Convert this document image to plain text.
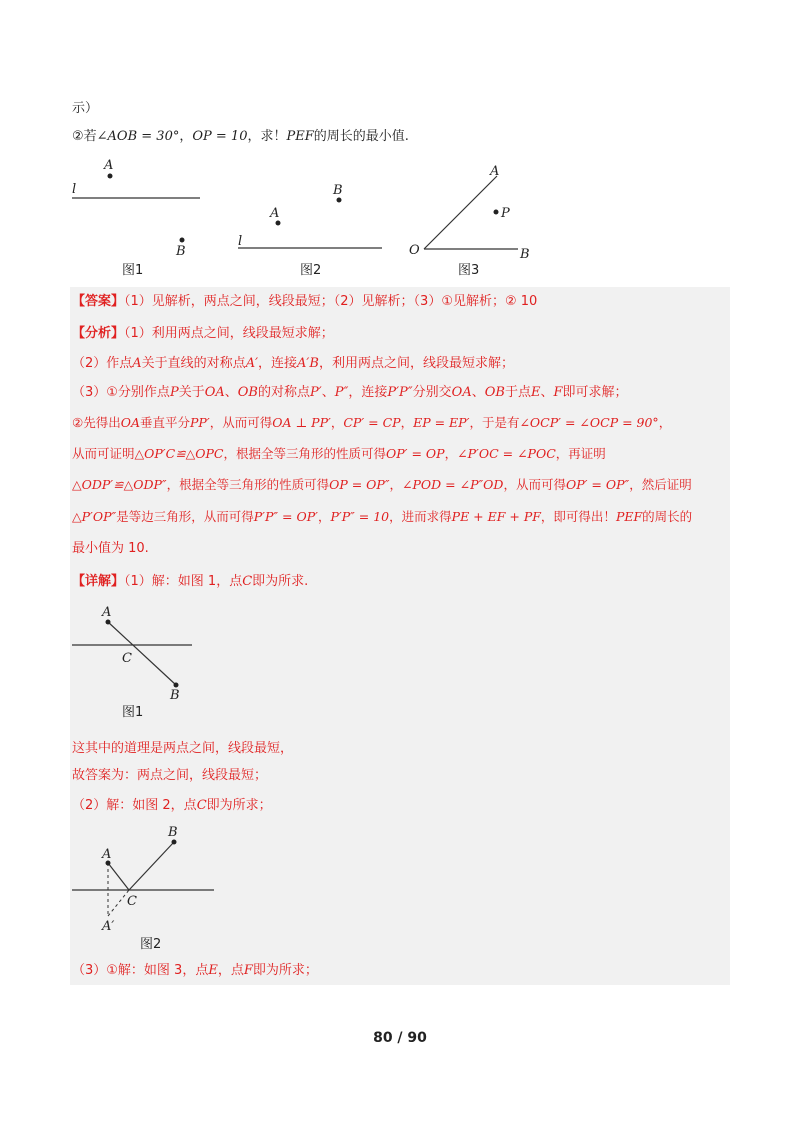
示）
②若∠AOB = 30°，OP = 10，求！PEF的周长的最小值.
A
B
l
图1
A
B
l
图2
A
P
O	B
图3
【答案】（1）见解析，两点之间，线段最短；（2）见解析；（3）①见解析；② 10
【分析】（1）利用两点之间，线段最短求解；
（2）作点A关于直线的对称点A′，连接A′B，利用两点之间，线段最短求解；
（3）①分别作点P关于OA、OB的对称点P′、P″，连接P′P″分别交OA、OB于点E、F即可求解；
②先得出OA垂直平分PP′，从而可得OA ⊥ PP′，CP′ = CP，EP = EP′，于是有∠OCP′ = ∠OCP = 90°，
从而可证明△OP′C≌△OPC，根据全等三角形的性质可得OP′ = OP，∠P′OC = ∠POC，再证明
△ODP′≌△ODP″，根据全等三角形的性质可得OP = OP″，∠POD = ∠P″OD，从而可得OP′ = OP″，然后证明
△P′OP″是等边三角形，从而可得P′P″ = OP′，P′P″ = 10，进而求得PE + EF + PF，即可得出！PEF的周长的
最小值为 10.
【详解】（1）解：如图 1，点C即为所求.
A
C
B
图1
这其中的道理是两点之间，线段最短，
故答案为：两点之间，线段最短；
（2）解：如图 2，点C即为所求；
A
B
C
A′
图2
（3）①解：如图 3，点E，点F即为所求；
80 / 90
